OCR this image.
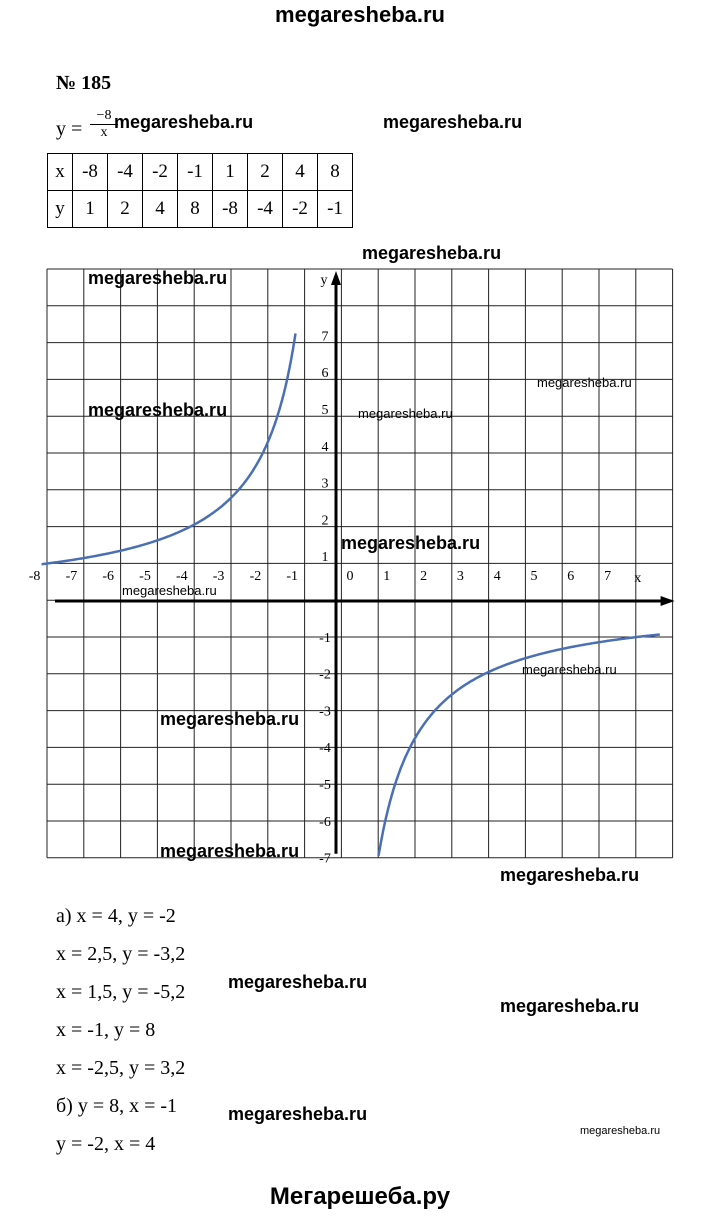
megaresheba.ru
№ 185
$y = \frac{-8}{x}$
x	-8	-4	-2	-1	1	2	4	8
y	1	2	4	8	-8	-4	-2	-1
x
y
-8 -7 -6 -5 -4 -3 -2 -1	0 1 2 3 4 5 6 7
7
6
5
4
3
2
1
-1
-2
-3
-4
-5
-6
-7
а) x = 4, y = -2
x = 2,5, y = -3,2
x = 1,5, y = -5,2
x = -1, y = 8
x = -2,5, y = 3,2
б) y = 8, x = -1
y = -2, x = 4
megaresheba.ru	megaresheba.ru
megaresheba.ru
megaresheba.ru
megaresheba.ru
megaresheba.ru
megaresheba.ru
megaresheba.ru
megaresheba.ru
megaresheba.ru
megaresheba.ru
megaresheba.ru
megaresheba.ru
megaresheba.ru
megaresheba.ru
megaresheba.ru
megaresheba.ru
Мегарешеба.ру
